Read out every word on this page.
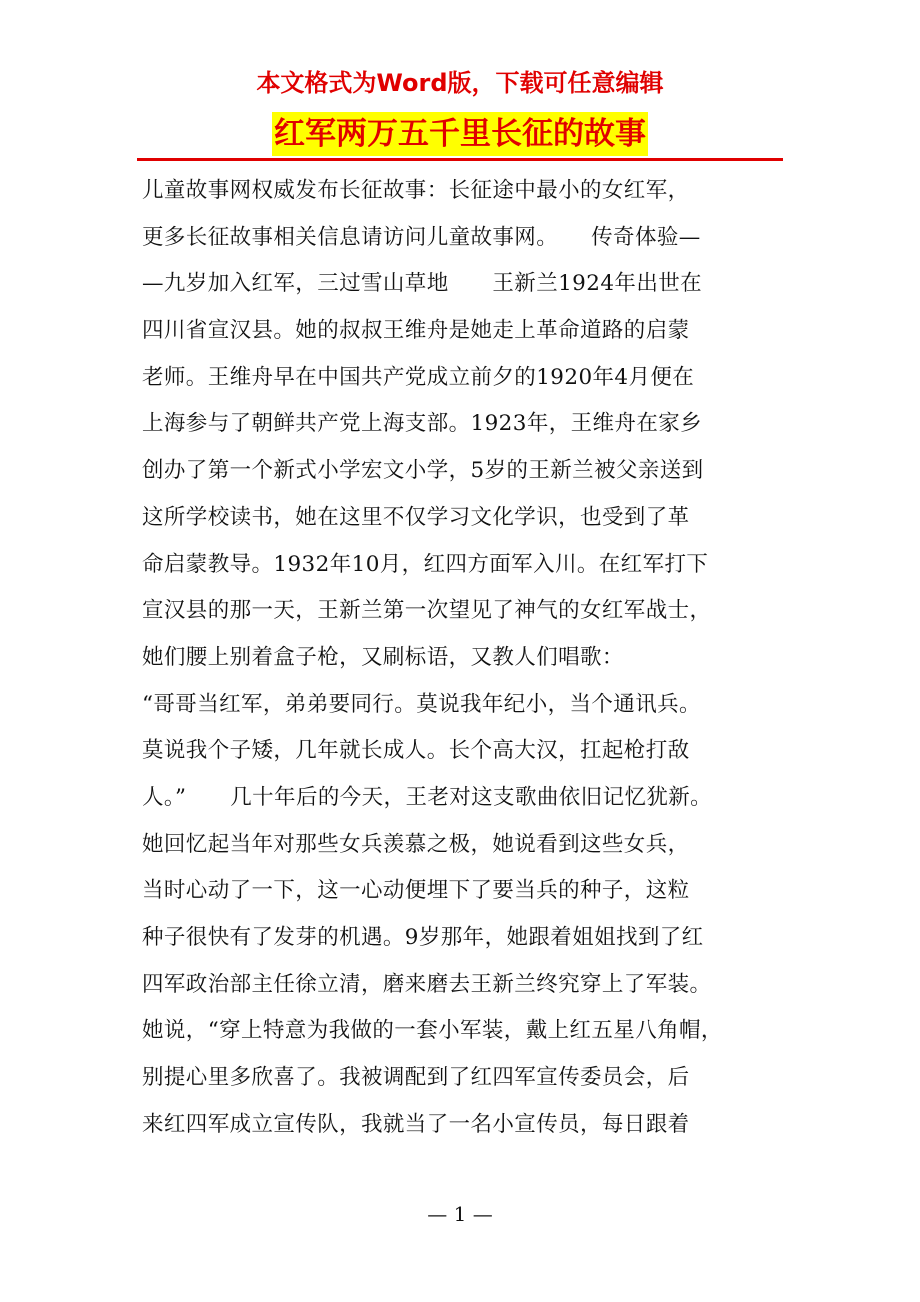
本文格式为Word版，下载可任意编辑
红军两万五千里长征的故事
儿童故事网权威发布长征故事：长征途中最小的女红军，
更多长征故事相关信息请访问儿童故事网。　　传奇体验—
—九岁加入红军，三过雪山草地　　王新兰1924年出世在
四川省宣汉县。她的叔叔王维舟是她走上革命道路的启蒙
老师。王维舟早在中国共产党成立前夕的1920年4月便在
上海参与了朝鲜共产党上海支部。1923年，王维舟在家乡
创办了第一个新式小学宏文小学，5岁的王新兰被父亲送到
这所学校读书，她在这里不仅学习文化学识，也受到了革
命启蒙教导。1932年10月，红四方面军入川。在红军打下
宣汉县的那一天，王新兰第一次望见了神气的女红军战士，
她们腰上别着盒子枪，又刷标语，又教人们唱歌：
“哥哥当红军，弟弟要同行。莫说我年纪小，当个通讯兵。
莫说我个子矮，几年就长成人。长个高大汉，扛起枪打敌
人。”　　几十年后的今天，王老对这支歌曲依旧记忆犹新。
她回忆起当年对那些女兵羡慕之极，她说看到这些女兵，
当时心动了一下，这一心动便埋下了要当兵的种子，这粒
种子很快有了发芽的机遇。9岁那年，她跟着姐姐找到了红
四军政治部主任徐立清，磨来磨去王新兰终究穿上了军装。
她说，“穿上特意为我做的一套小军装，戴上红五星八角帽，
别提心里多欣喜了。我被调配到了红四军宣传委员会，后
来红四军成立宣传队，我就当了一名小宣传员，每日跟着
— 1 —
